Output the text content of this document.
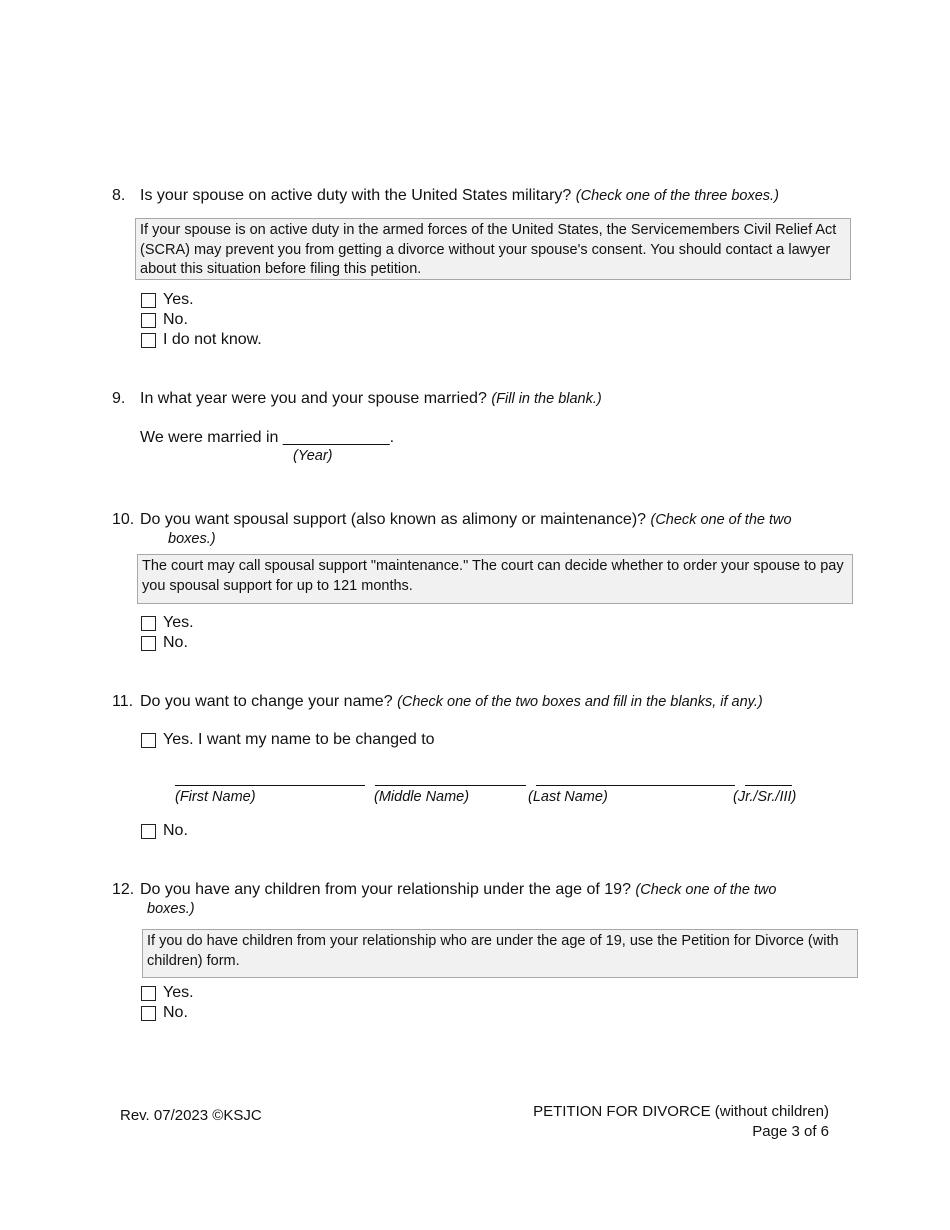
8. Is your spouse on active duty with the United States military? (Check one of the three boxes.)
If your spouse is on active duty in the armed forces of the United States, the Servicemembers Civil Relief Act (SCRA) may prevent you from getting a divorce without your spouse's consent. You should contact a lawyer about this situation before filing this petition.
Yes.
No.
I do not know.
9. In what year were you and your spouse married? (Fill in the blank.)
We were married in ____________.
(Year)
10. Do you want spousal support (also known as alimony or maintenance)? (Check one of the two
boxes.)
The court may call spousal support "maintenance." The court can decide whether to order your spouse to pay you spousal support for up to 121 months.
Yes.
No.
11. Do you want to change your name? (Check one of the two boxes and fill in the blanks, if any.)
Yes. I want my name to be changed to
(First Name)	(Middle Name)	(Last Name)	(Jr./Sr./III)
No.
12. Do you have any children from your relationship under the age of 19? (Check one of the two
boxes.)
If you do have children from your relationship who are under the age of 19, use the Petition for Divorce (with children) form.
Yes.
No.
Rev. 07/2023 ©KSJC	PETITION FOR DIVORCE (without children)
Page 3 of 6
